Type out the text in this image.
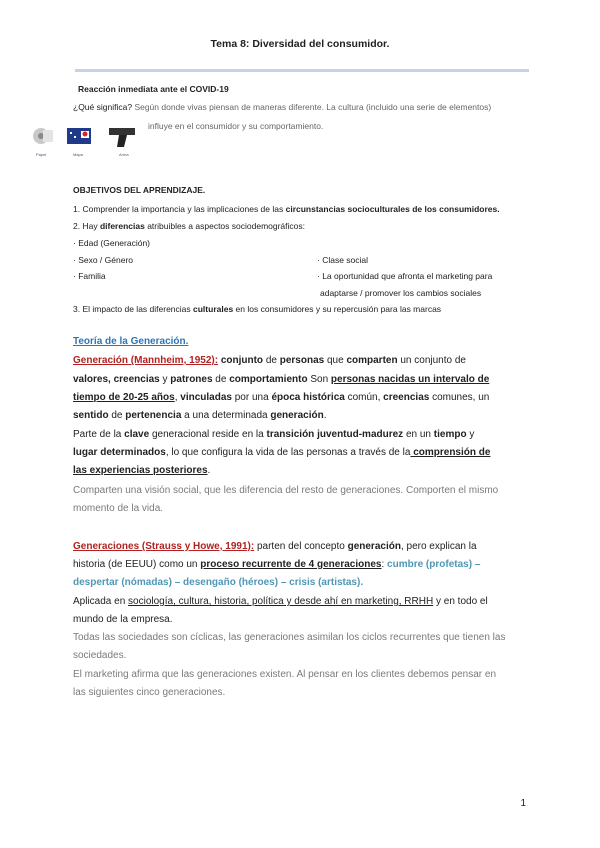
Tema 8: Diversidad del consumidor.
Reacción inmediata ante el COVID-19
¿Qué significa? Según donde vivas piensan de maneras diferente. La cultura (incluido una serie de elementos)
influye en el consumidor y su comportamiento.
Papel	Mapa	Arma
OBJETIVOS DEL APRENDIZAJE.
1. Comprender la importancia y las implicaciones de las circunstancias socioculturales de los consumidores.
2. Hay diferencias atribuibles a aspectos sociodemográficos:
· Edad (Generación)
· Sexo / Género
· Familia
· Clase social
· La oportunidad que afronta el marketing para
adaptarse / promover los cambios sociales
3. El impacto de las diferencias culturales en los consumidores y su repercusión para las marcas
Teoría de la Generación.
Generación (Mannheim, 1952): conjunto de personas que comparten un conjunto de
valores, creencias y patrones de comportamiento Son personas nacidas un intervalo de
tiempo de 20-25 años, vinculadas por una época histórica común, creencias comunes, un
sentido de pertenencia a una determinada generación.
Parte de la clave generacional reside en la transición juventud-madurez en un tiempo y
lugar determinados, lo que configura la vida de las personas a través de la comprensión de
las experiencias posteriores.
Comparten una visión social, que les diferencia del resto de generaciones. Comporten el mismo
momento de la vida.
Generaciones (Strauss y Howe, 1991): parten del concepto generación, pero explican la
historia (de EEUU) como un proceso recurrente de 4 generaciones: cumbre (profetas) –
despertar (nómadas) – desengaño (héroes) – crisis (artistas).
Aplicada en sociología, cultura, historia, política y desde ahí en marketing, RRHH y en todo el
mundo de la empresa.
Todas las sociedades son cíclicas, las generaciones asimilan los ciclos recurrentes que tienen las
sociedades.
El marketing afirma que las generaciones existen. Al pensar en los clientes debemos pensar en
las siguientes cinco generaciones.
1
